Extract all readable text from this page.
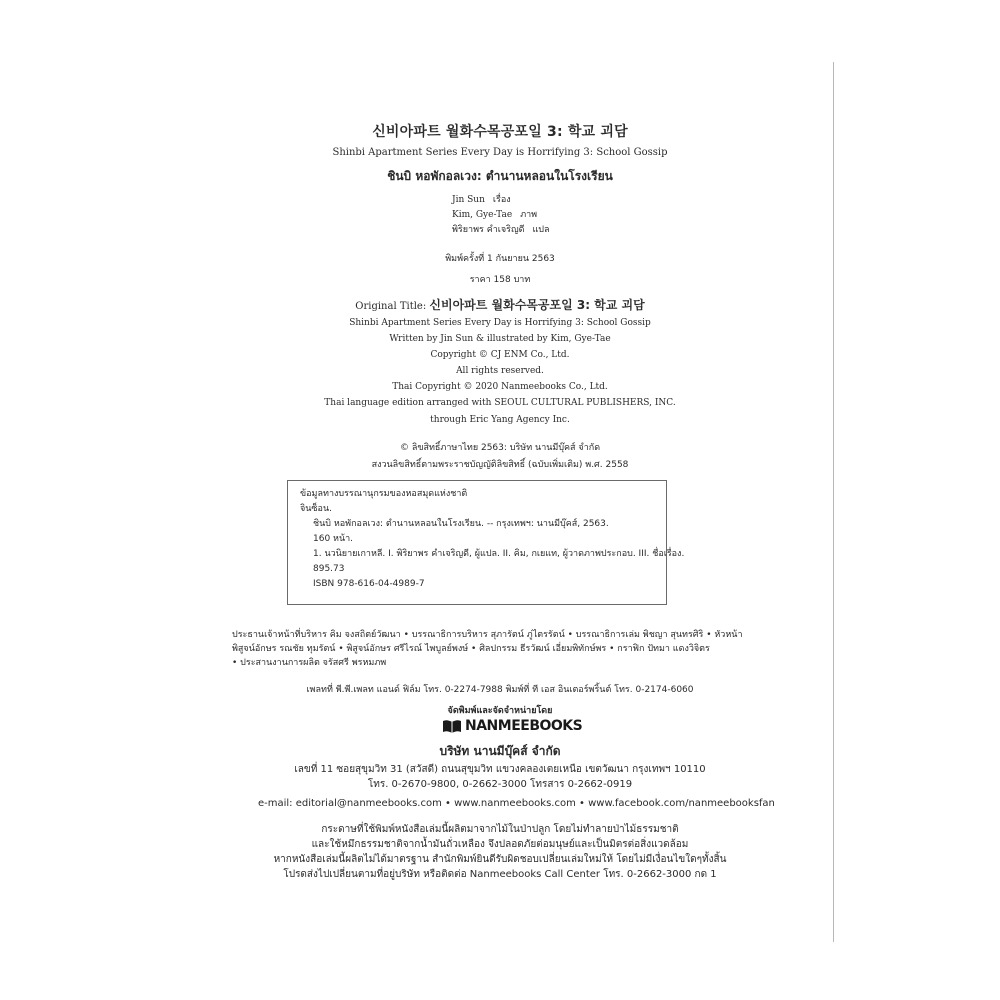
신비아파트 월화수목공포일 3: 학교 괴담
Shinbi Apartment Series Every Day is Horrifying 3: School Gossip
ชินบิ หอพักอลเวง: ตำนานหลอนในโรงเรียน
Jin Sun เรื่อง
Kim, Gye-Tae ภาพ
พิริยาพร คำเจริญดี แปล
พิมพ์ครั้งที่ 1 กันยายน 2563
ราคา 158 บาท
Original Title: 신비아파트 월화수목공포일 3: 학교 괴담
Shinbi Apartment Series Every Day is Horrifying 3: School Gossip
Written by Jin Sun & illustrated by Kim, Gye-Tae
Copyright © CJ ENM Co., Ltd.
All rights reserved.
Thai Copyright © 2020 Nanmeebooks Co., Ltd.
Thai language edition arranged with SEOUL CULTURAL PUBLISHERS, INC.
through Eric Yang Agency Inc.
© ลิขสิทธิ์ภาษาไทย 2563: บริษัท นานมีบุ๊คส์ จำกัด
สงวนลิขสิทธิ์ตามพระราชบัญญัติลิขสิทธิ์ (ฉบับเพิ่มเติม) พ.ศ. 2558
ข้อมูลทางบรรณานุกรมของหอสมุดแห่งชาติ
จินซ็อน.
ชินบิ หอพักอลเวง: ตำนานหลอนในโรงเรียน. -- กรุงเทพฯ: นานมีบุ๊คส์, 2563.
160 หน้า.
1. นวนิยายเกาหลี. I. พิริยาพร คำเจริญดี, ผู้แปล. II. คิม, กเยแท, ผู้วาดภาพประกอบ. III. ชื่อเรื่อง.
895.73
ISBN 978-616-04-4989-7
ประธานเจ้าหน้าที่บริหาร คิม จงสถิตย์วัฒนา • บรรณาธิการบริหาร สุภารัตน์ ภู่ไตรรัตน์ • บรรณาธิการเล่ม พิชญา สุนทรศิริ • หัวหน้า
พิสูจน์อักษร รณชัย ทุมรัตน์ • พิสูจน์อักษร ศรีไรณ์ ไพบูลย์พงษ์ • ศิลปกรรม ธีรวัฒน์ เอี่ยมพิทักษ์พร • กราฟิก ปัทมา แดงวิจิตร
• ประสานงานการผลิต จรัสศรี พรหมภพ
เพลทที่ พี.พี.เพลท แอนด์ ฟิล์ม โทร. 0-2274-7988 พิมพ์ที่ ที เอส อินเตอร์พริ้นต์ โทร. 0-2174-6060
จัดพิมพ์และจัดจำหน่ายโดย
NANMEEBOOKS
บริษัท นานมีบุ๊คส์ จำกัด
เลขที่ 11 ซอยสุขุมวิท 31 (สวัสดี) ถนนสุขุมวิท แขวงคลองเตยเหนือ เขตวัฒนา กรุงเทพฯ 10110
โทร. 0-2670-9800, 0-2662-3000 โทรสาร 0-2662-0919
e-mail: editorial@nanmeebooks.com • www.nanmeebooks.com • www.facebook.com/nanmeebooksfan
กระดาษที่ใช้พิมพ์หนังสือเล่มนี้ผลิตมาจากไม้ในป่าปลูก โดยไม่ทำลายป่าไม้ธรรมชาติ
และใช้หมึกธรรมชาติจากน้ำมันถั่วเหลือง จึงปลอดภัยต่อมนุษย์และเป็นมิตรต่อสิ่งแวดล้อม
หากหนังสือเล่มนี้ผลิตไม่ได้มาตรฐาน สำนักพิมพ์ยินดีรับผิดชอบเปลี่ยนเล่มใหม่ให้ โดยไม่มีเงื่อนไขใดๆทั้งสิ้น
โปรดส่งไปเปลี่ยนตามที่อยู่บริษัท หรือติดต่อ Nanmeebooks Call Center โทร. 0-2662-3000 กด 1
